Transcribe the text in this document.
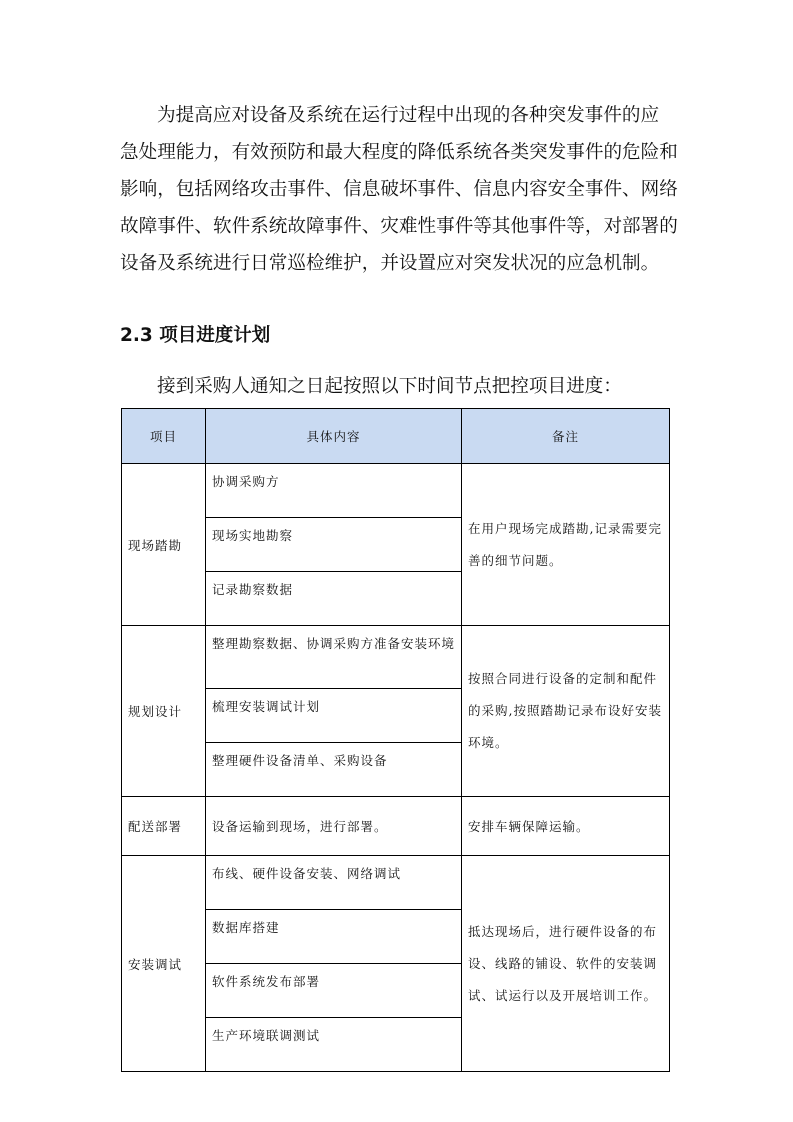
为提高应对设备及系统在运行过程中出现的各种突发事件的应
急处理能力，有效预防和最大程度的降低系统各类突发事件的危险和
影响，包括网络攻击事件、信息破坏事件、信息内容安全事件、网络
故障事件、软件系统故障事件、灾难性事件等其他事件等，对部署的
设备及系统进行日常巡检维护，并设置应对突发状况的应急机制。

2.3 项目进度计划

接到采购人通知之日起按照以下时间节点把控项目进度：

项目	具体内容	备注
现场踏勘	协调采购方	在用户现场完成踏勘,记录需要完善的细节问题。
	现场实地勘察	
	记录勘察数据	
规划设计	整理勘察数据、协调采购方准备安装环境	按照合同进行设备的定制和配件的采购,按照踏勘记录布设好安装环境。
	梳理安装调试计划	
	整理硬件设备清单、采购设备	
配送部署	设备运输到现场，进行部署。	安排车辆保障运输。
安装调试	布线、硬件设备安装、网络调试	抵达现场后，进行硬件设备的布设、线路的铺设、软件的安装调试、试运行以及开展培训工作。
	数据库搭建	
	软件系统发布部署	
	生产环境联调测试	
